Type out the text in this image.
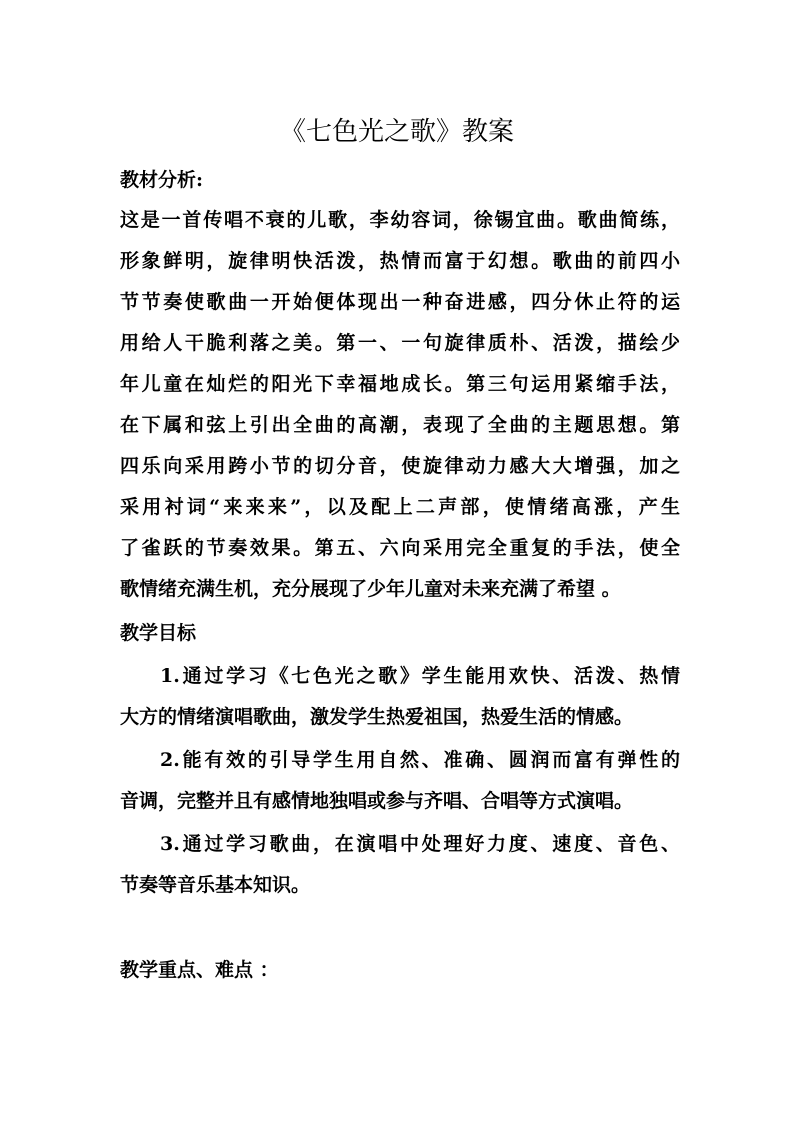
《七色光之歌》教案
教材分析:
这是一首传唱不衰的儿歌，李幼容词，徐锡宜曲。歌曲简练，
形象鲜明，旋律明快活泼，热情而富于幻想。歌曲的前四小
节节奏使歌曲一开始便体现出一种奋进感，四分休止符的运
用给人干脆利落之美。第一、一句旋律质朴、活泼，描绘少
年儿童在灿烂的阳光下幸福地成长。第三句运用紧缩手法，
在下属和弦上引出全曲的高潮，表现了全曲的主题思想。第
四乐向采用跨小节的切分音，使旋律动力感大大增强，加之
采用衬词“来来来”，以及配上二声部，使情绪高涨，产生
了雀跃的节奏效果。第五、六向采用完全重复的手法，使全
歌情绪充满生机，充分展现了少年儿童对未来充满了希望 。
教学目标
1.通过学习《七色光之歌》学生能用欢快、活泼、热情
大方的情绪演唱歌曲，激发学生热爱祖国，热爱生活的情感。
2.能有效的引导学生用自然、准确、圆润而富有弹性的
音调，完整并且有感情地独唱或参与齐唱、合唱等方式演唱。
3.通过学习歌曲，在演唱中处理好力度、速度、音色、
节奏等音乐基本知识。
教学重点、难点 ：
